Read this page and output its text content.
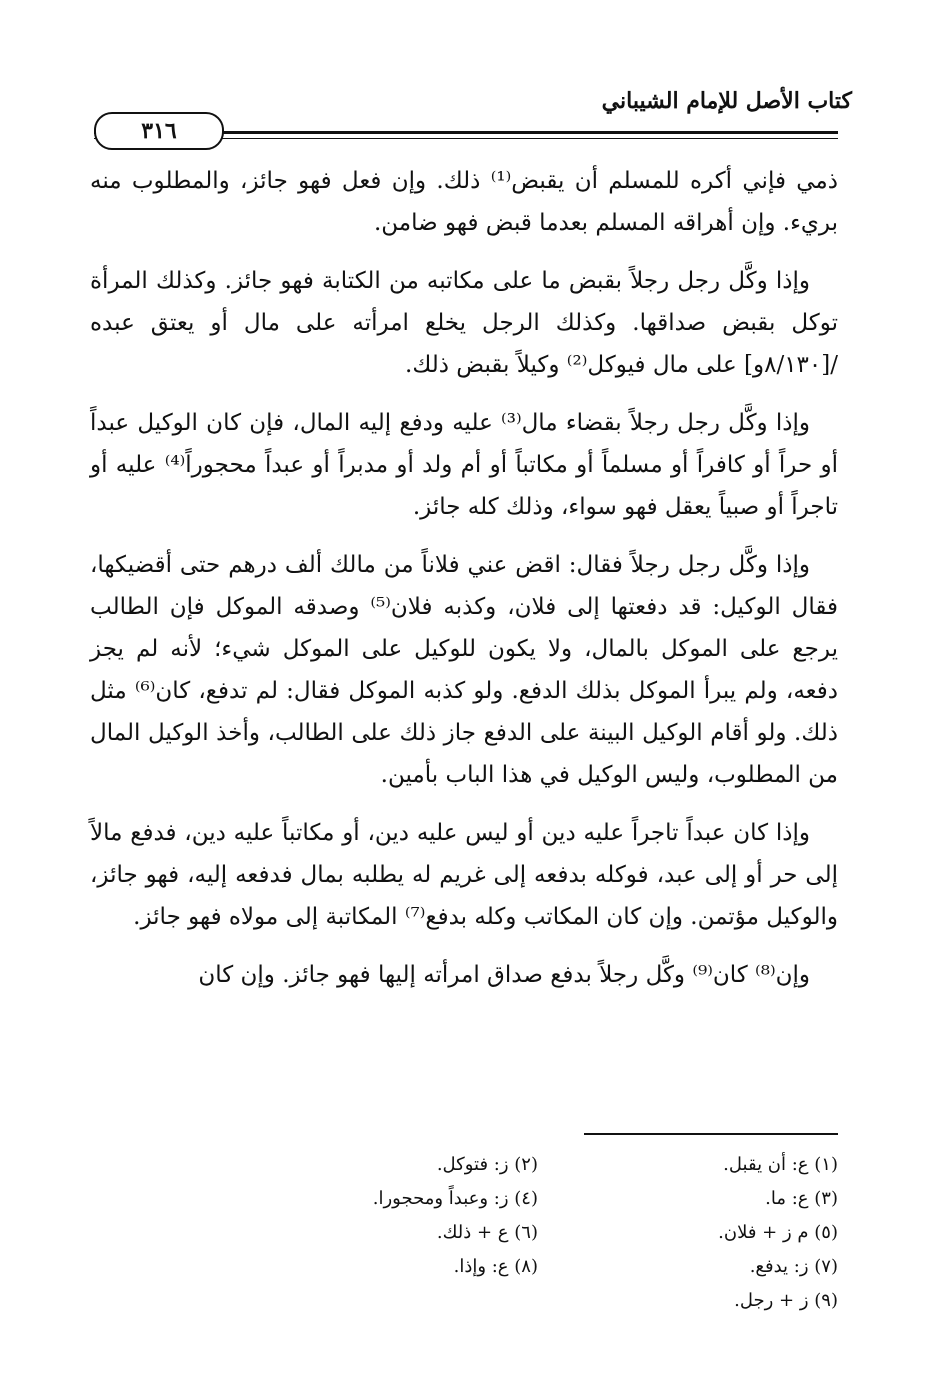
كتاب الأصل للإمام الشيباني
٣١٦

ذمي فإني أكره للمسلم أن يقبض⁽¹⁾ ذلك. وإن فعل فهو جائز، والمطلوب منه بريء. وإن أهراقه المسلم بعدما قبض فهو ضامن.

وإذا وكَّل رجل رجلاً بقبض ما على مكاتبه من الكتابة فهو جائز. وكذلك المرأة توكل بقبض صداقها. وكذلك الرجل يخلع امرأته على مال أو يعتق عبده /[٨/١٣٠و] على مال فيوكل⁽²⁾ وكيلاً بقبض ذلك.

وإذا وكَّل رجل رجلاً بقضاء مال⁽³⁾ عليه ودفع إليه المال، فإن كان الوكيل عبداً أو حراً أو كافراً أو مسلماً أو مكاتباً أو أم ولد أو مدبراً أو عبداً محجوراً⁽⁴⁾ عليه أو تاجراً أو صبياً يعقل فهو سواء، وذلك كله جائز.

وإذا وكَّل رجل رجلاً فقال: اقض عني فلاناً من مالك ألف درهم حتى أقضيكها، فقال الوكيل: قد دفعتها إلى فلان، وكذبه فلان⁽⁵⁾ وصدقه الموكل فإن الطالب يرجع على الموكل بالمال، ولا يكون للوكيل على الموكل شيء؛ لأنه لم يجز دفعه، ولم يبرأ الموكل بذلك الدفع. ولو كذبه الموكل فقال: لم تدفع، كان⁽⁶⁾ مثل ذلك. ولو أقام الوكيل البينة على الدفع جاز ذلك على الطالب، وأخذ الوكيل المال من المطلوب، وليس الوكيل في هذا الباب بأمين.

وإذا كان عبداً تاجراً عليه دين أو ليس عليه دين، أو مكاتباً عليه دين، فدفع مالاً إلى حر أو إلى عبد، فوكله بدفعه إلى غريم له يطلبه بمال فدفعه إليه، فهو جائز، والوكيل مؤتمن. وإن كان المكاتب وكله بدفع⁽⁷⁾ المكاتبة إلى مولاه فهو جائز.

وإن⁽⁸⁾ كان⁽⁹⁾ وكَّل رجلاً بدفع صداق امرأته إليها فهو جائز. وإن كان

(١) ع: أن يقبل.
(٢) ز: فتوكل.
(٣) ع: ما.
(٤) ز: وعبداً ومحجورا.
(٥) م ز + فلان.
(٦) ع + ذلك.
(٧) ز: يدفع.
(٨) ع: وإذا.
(٩) ز + رجل.
